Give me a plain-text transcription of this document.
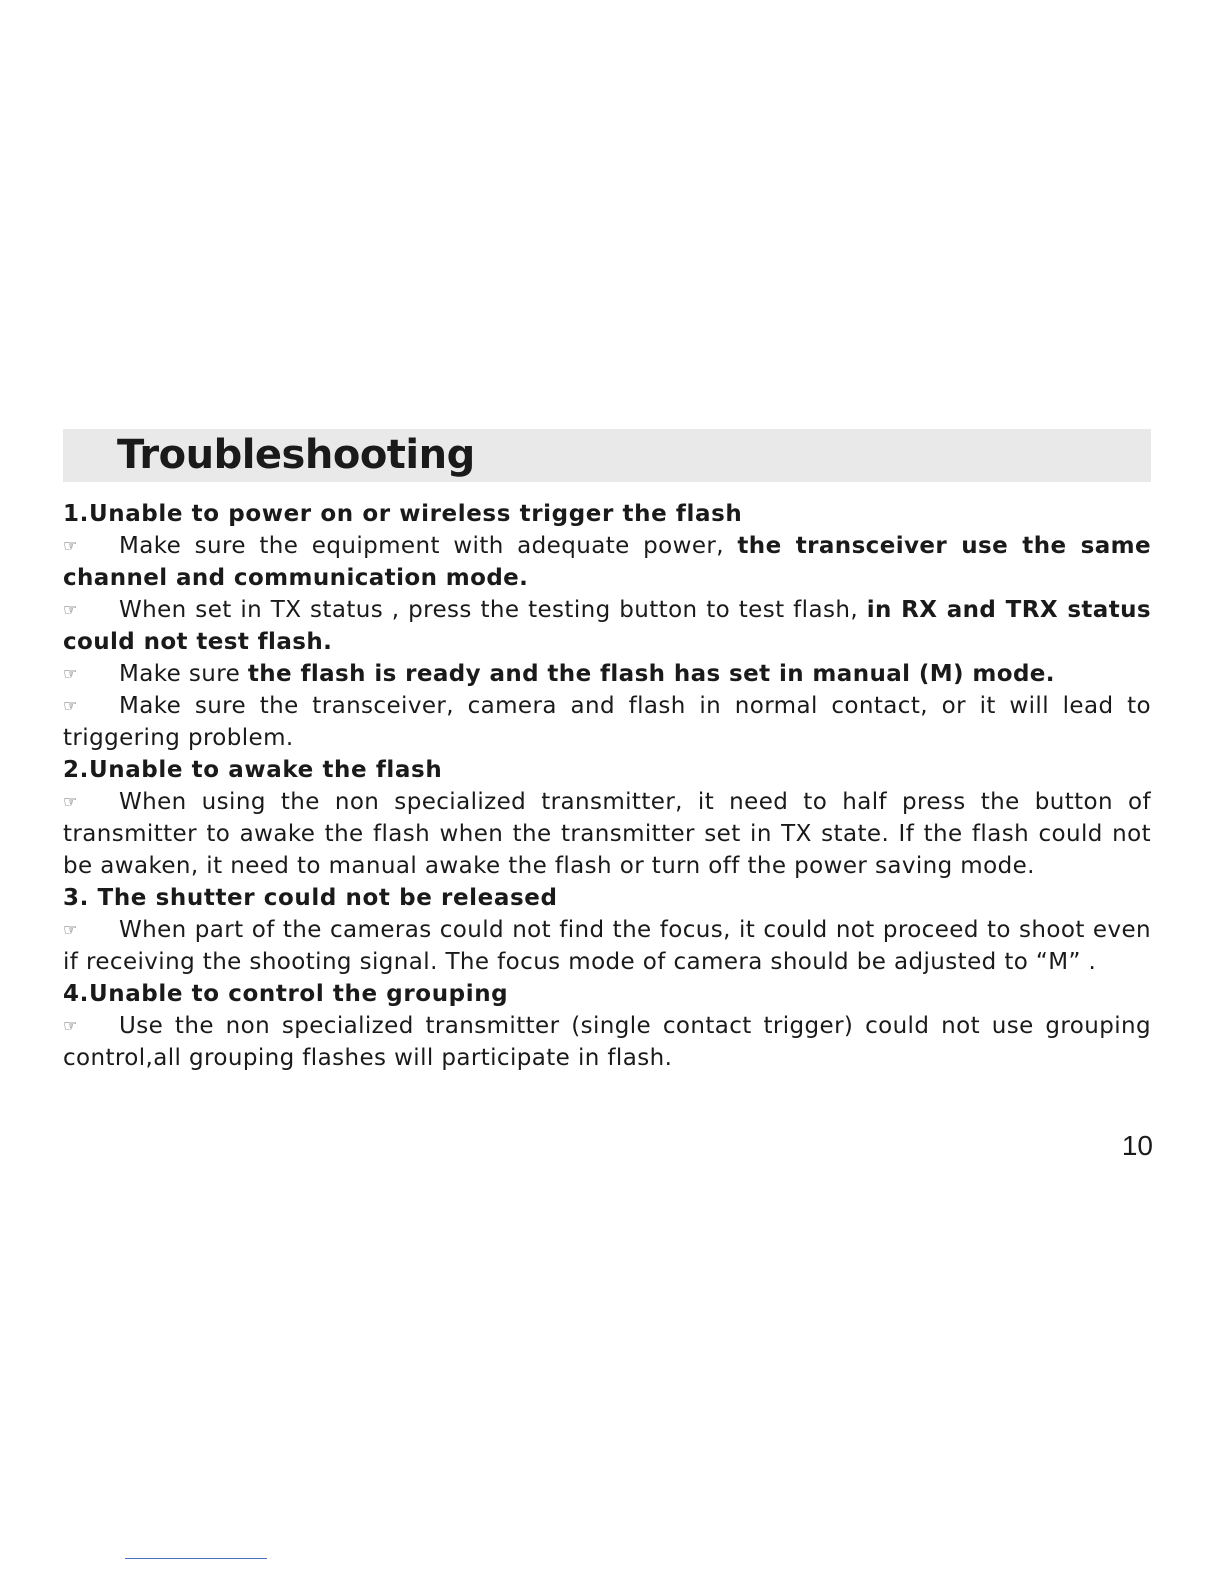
Troubleshooting
1.Unable to power on or wireless trigger the flash

☞ Make sure the equipment with adequate power, the transceiver use the same channel and communication mode.

☞ When set in TX status , press the testing button to test flash, in RX and TRX status could not test flash.

☞ Make sure the flash is ready and the flash has set in manual (M) mode.

☞ Make sure the transceiver, camera and flash in normal contact, or it will lead to triggering problem.

2.Unable to awake the flash

☞ When using the non specialized transmitter, it need to half press the button of transmitter to awake the flash when the transmitter set in TX state. If the flash could not be awaken, it need to manual awake the flash or turn off the power saving mode.

3. The shutter could not be released

☞ When part of the cameras could not find the focus, it could not proceed to shoot even if receiving the shooting signal. The focus mode of camera should be adjusted to “M” .

4.Unable to control the grouping

☞ Use the non specialized transmitter (single contact trigger) could not use grouping control,all grouping flashes will participate in flash.

10
